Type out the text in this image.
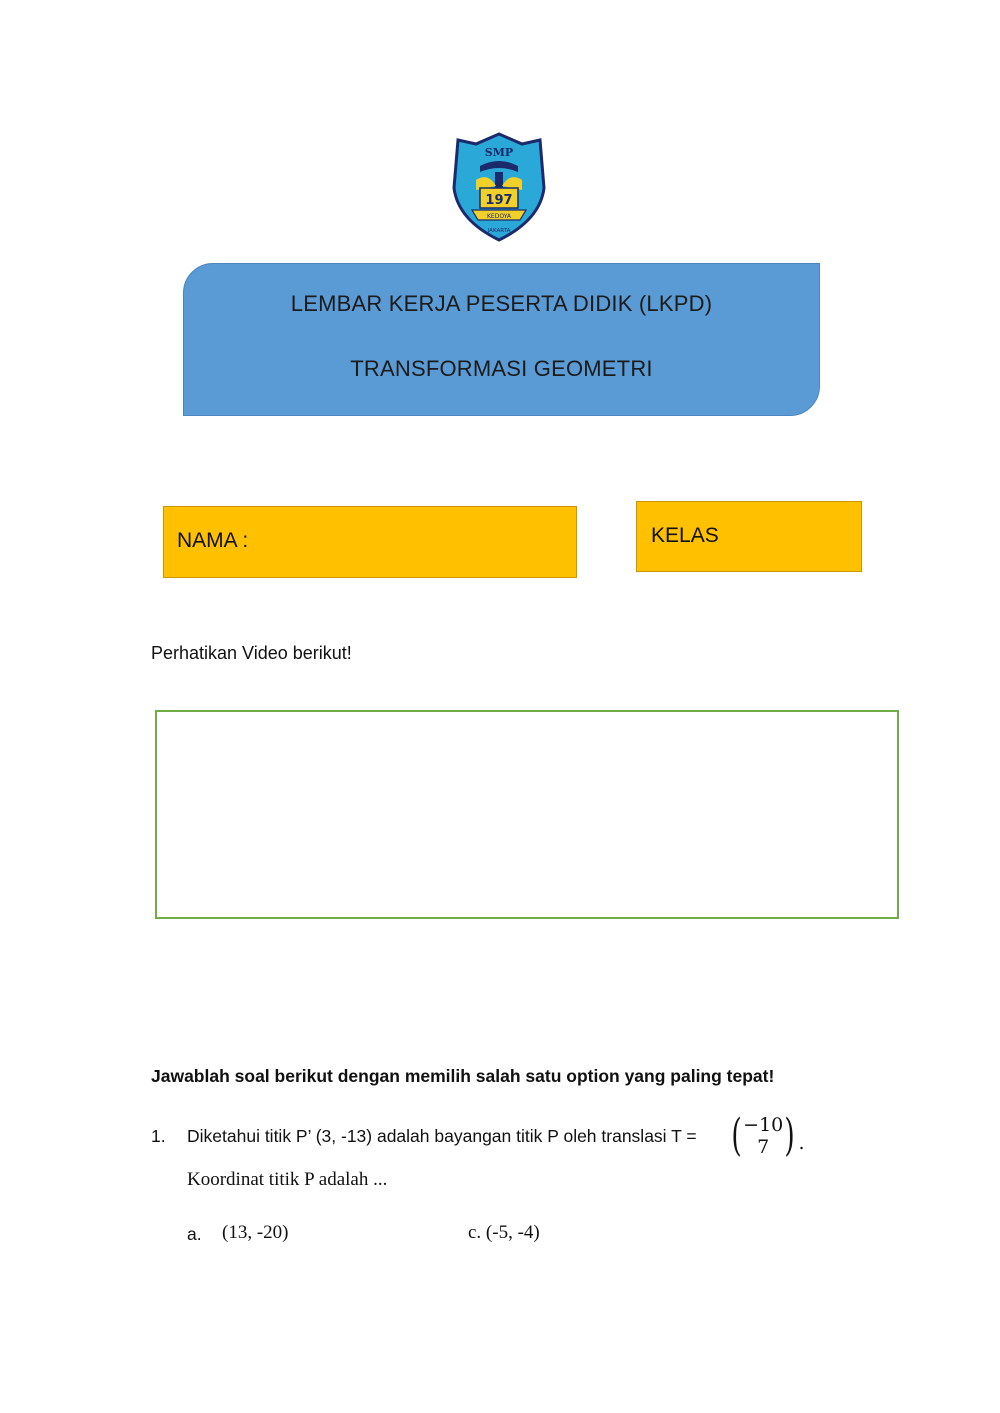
SMP
197
KEDOYA
JAKARTA
LEMBAR KERJA PESERTA DIDIK (LKPD)
TRANSFORMASI GEOMETRI
NAMA :	KELAS
Perhatikan Video berikut!
Jawablah soal berikut dengan memilih salah satu option yang paling tepat!
1. Diketahui titik P’ (3, -13) adalah bayangan titik P oleh translasi T = ( −10
7 ) .
Koordinat titik P adalah ...
a. (13, -20)	c. (-5, -4)
